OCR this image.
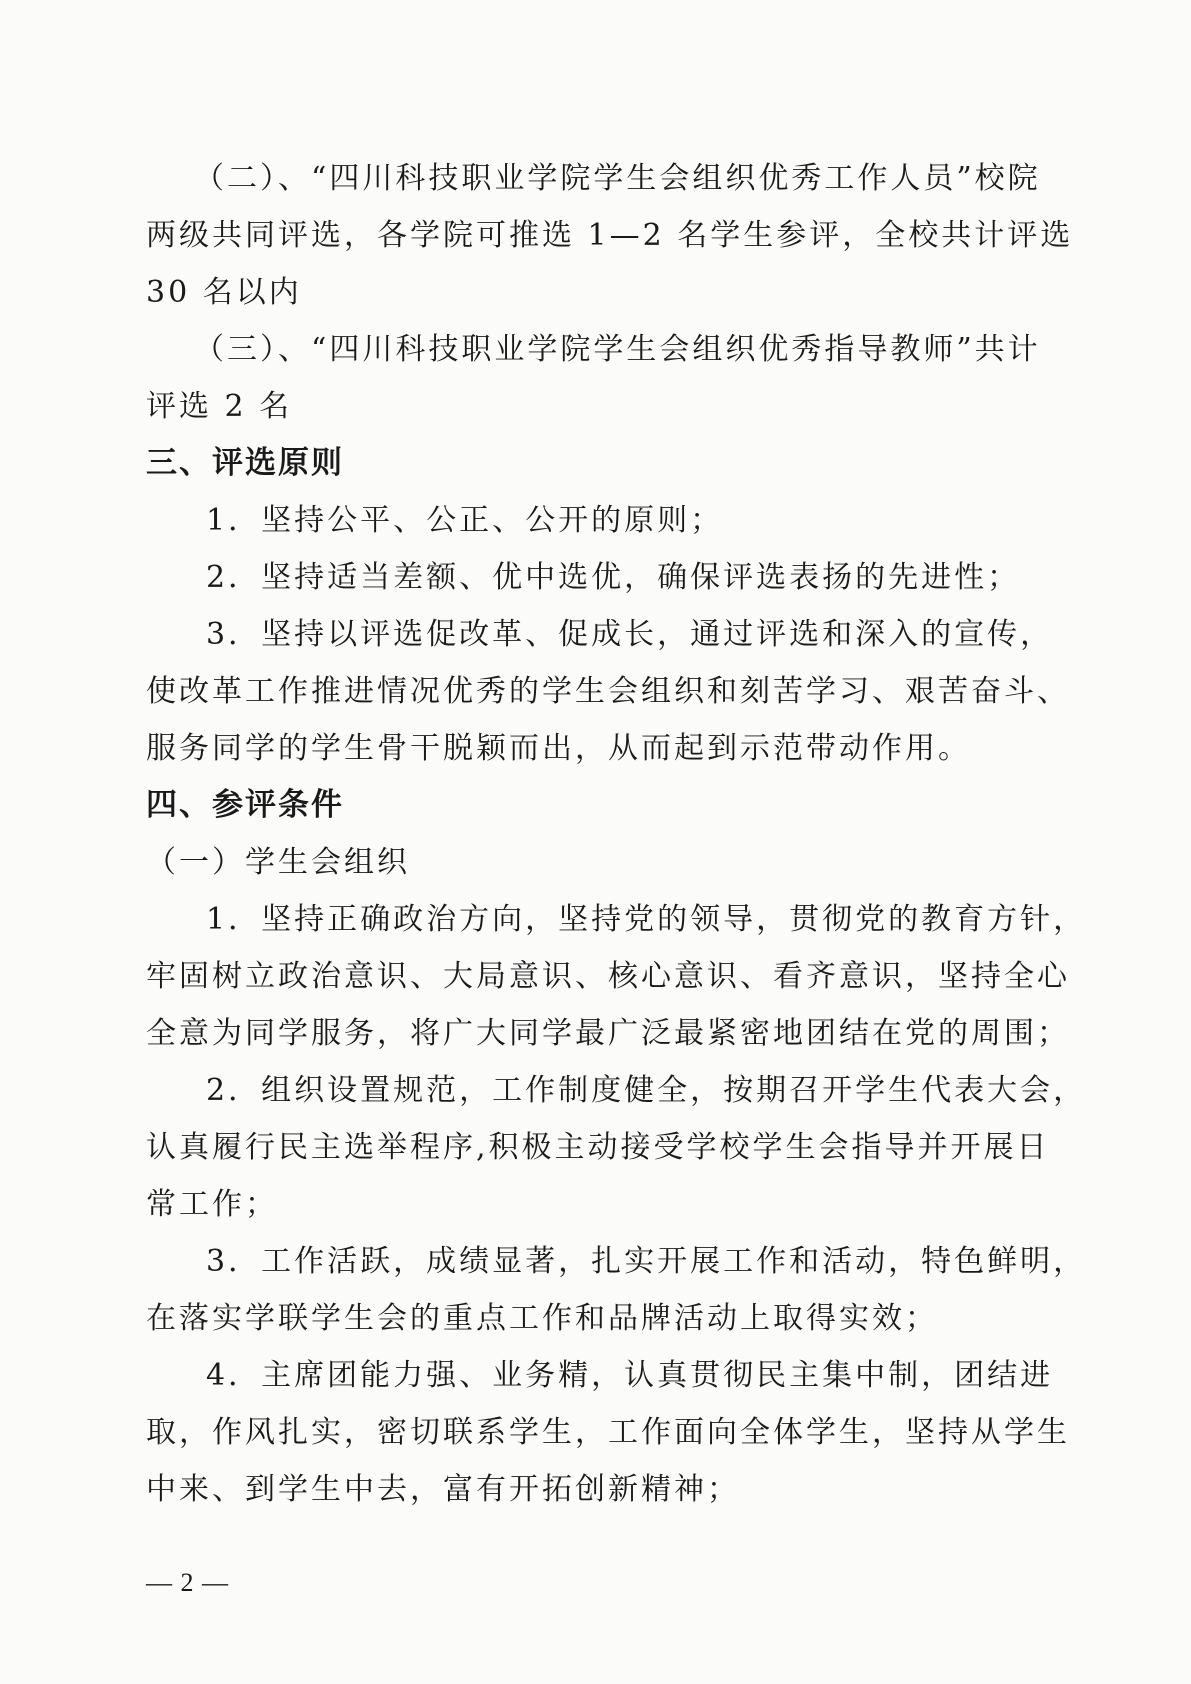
（二）、“四川科技职业学院学生会组织优秀工作人员”校院
两级共同评选，各学院可推选 1—2 名学生参评，全校共计评选
30 名以内
（三）、“四川科技职业学院学生会组织优秀指导教师”共计
评选 2 名
三、评选原则
1．坚持公平、公正、公开的原则；
2．坚持适当差额、优中选优，确保评选表扬的先进性；
3．坚持以评选促改革、促成长，通过评选和深入的宣传，
使改革工作推进情况优秀的学生会组织和刻苦学习、艰苦奋斗、
服务同学的学生骨干脱颖而出，从而起到示范带动作用。
四、参评条件
（一）学生会组织
1．坚持正确政治方向，坚持党的领导，贯彻党的教育方针，
牢固树立政治意识、大局意识、核心意识、看齐意识，坚持全心
全意为同学服务，将广大同学最广泛最紧密地团结在党的周围；
2．组织设置规范，工作制度健全，按期召开学生代表大会，
认真履行民主选举程序,积极主动接受学校学生会指导并开展日
常工作；
3．工作活跃，成绩显著，扎实开展工作和活动，特色鲜明，
在落实学联学生会的重点工作和品牌活动上取得实效；
4．主席团能力强、业务精，认真贯彻民主集中制，团结进
取，作风扎实，密切联系学生，工作面向全体学生，坚持从学生
中来、到学生中去，富有开拓创新精神；
— 2 —
